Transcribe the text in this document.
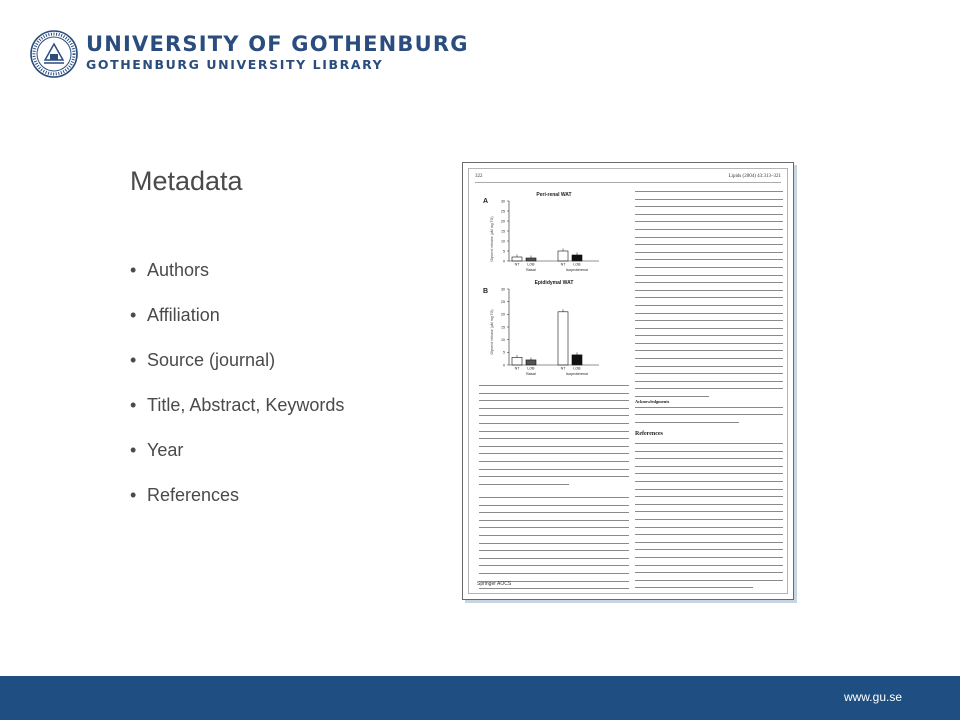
UNIVERSITY OF GOTHENBURG
GOTHENBURG UNIVERSITY LIBRARY
Metadata
• Authors
• Affiliation
• Source (journal)
• Title, Abstract, Keywords
• Year
• References
322	Lipids (2004) 43:313–321
Peri-renal WAT
A
Glycerol release (µM mg TG)	0
5
10
15
20
25
30
NT LOB	NT LOB
Basal	Isoproterenol
Epididymal WAT
B
Glycerol release (µM mg TG)
0
5
10
15
20
25
30
NT LOB	NT LOB
Basal	Isoproterenol
Springer AOCS
Acknowledgments
References
www.gu.se
